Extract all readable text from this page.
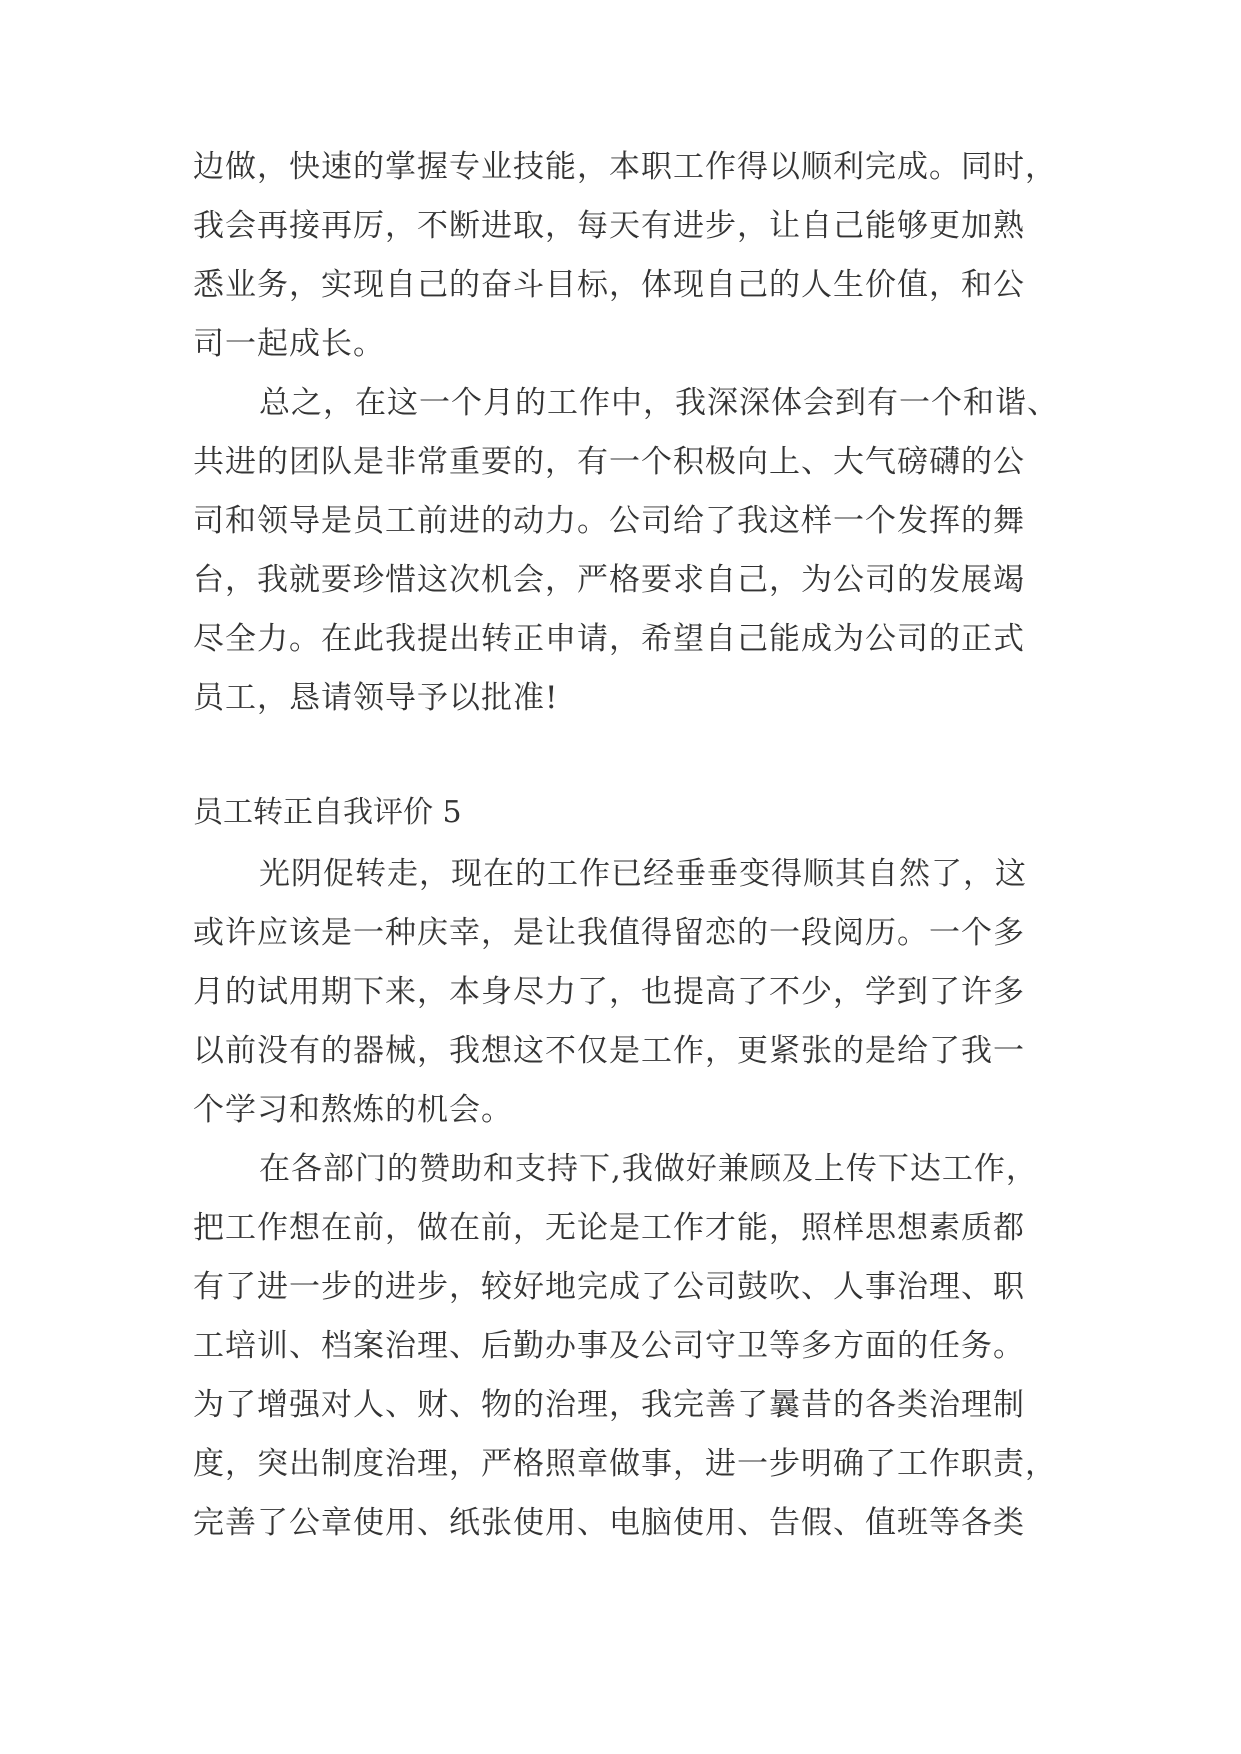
边做，快速的掌握专业技能，本职工作得以顺利完成。同时，
我会再接再厉，不断进取，每天有进步，让自己能够更加熟
悉业务，实现自己的奋斗目标，体现自己的人生价值，和公
司一起成长。
总之，在这一个月的工作中，我深深体会到有一个和谐、
共进的团队是非常重要的，有一个积极向上、大气磅礴的公
司和领导是员工前进的动力。公司给了我这样一个发挥的舞
台，我就要珍惜这次机会，严格要求自己，为公司的发展竭
尽全力。在此我提出转正申请，希望自己能成为公司的正式
员工，恳请领导予以批准!
员工转正自我评价 5
光阴促转走，现在的工作已经垂垂变得顺其自然了，这
或许应该是一种庆幸，是让我值得留恋的一段阅历。一个多
月的试用期下来，本身尽力了，也提高了不少，学到了许多
以前没有的器械，我想这不仅是工作，更紧张的是给了我一
个学习和熬炼的机会。
在各部门的赞助和支持下,我做好兼顾及上传下达工作，
把工作想在前，做在前，无论是工作才能，照样思想素质都
有了进一步的进步，较好地完成了公司鼓吹、人事治理、职
工培训、档案治理、后勤办事及公司守卫等多方面的任务。
为了增强对人、财、物的治理，我完善了曩昔的各类治理制
度，突出制度治理，严格照章做事，进一步明确了工作职责，
完善了公章使用、纸张使用、电脑使用、告假、值班等各类
